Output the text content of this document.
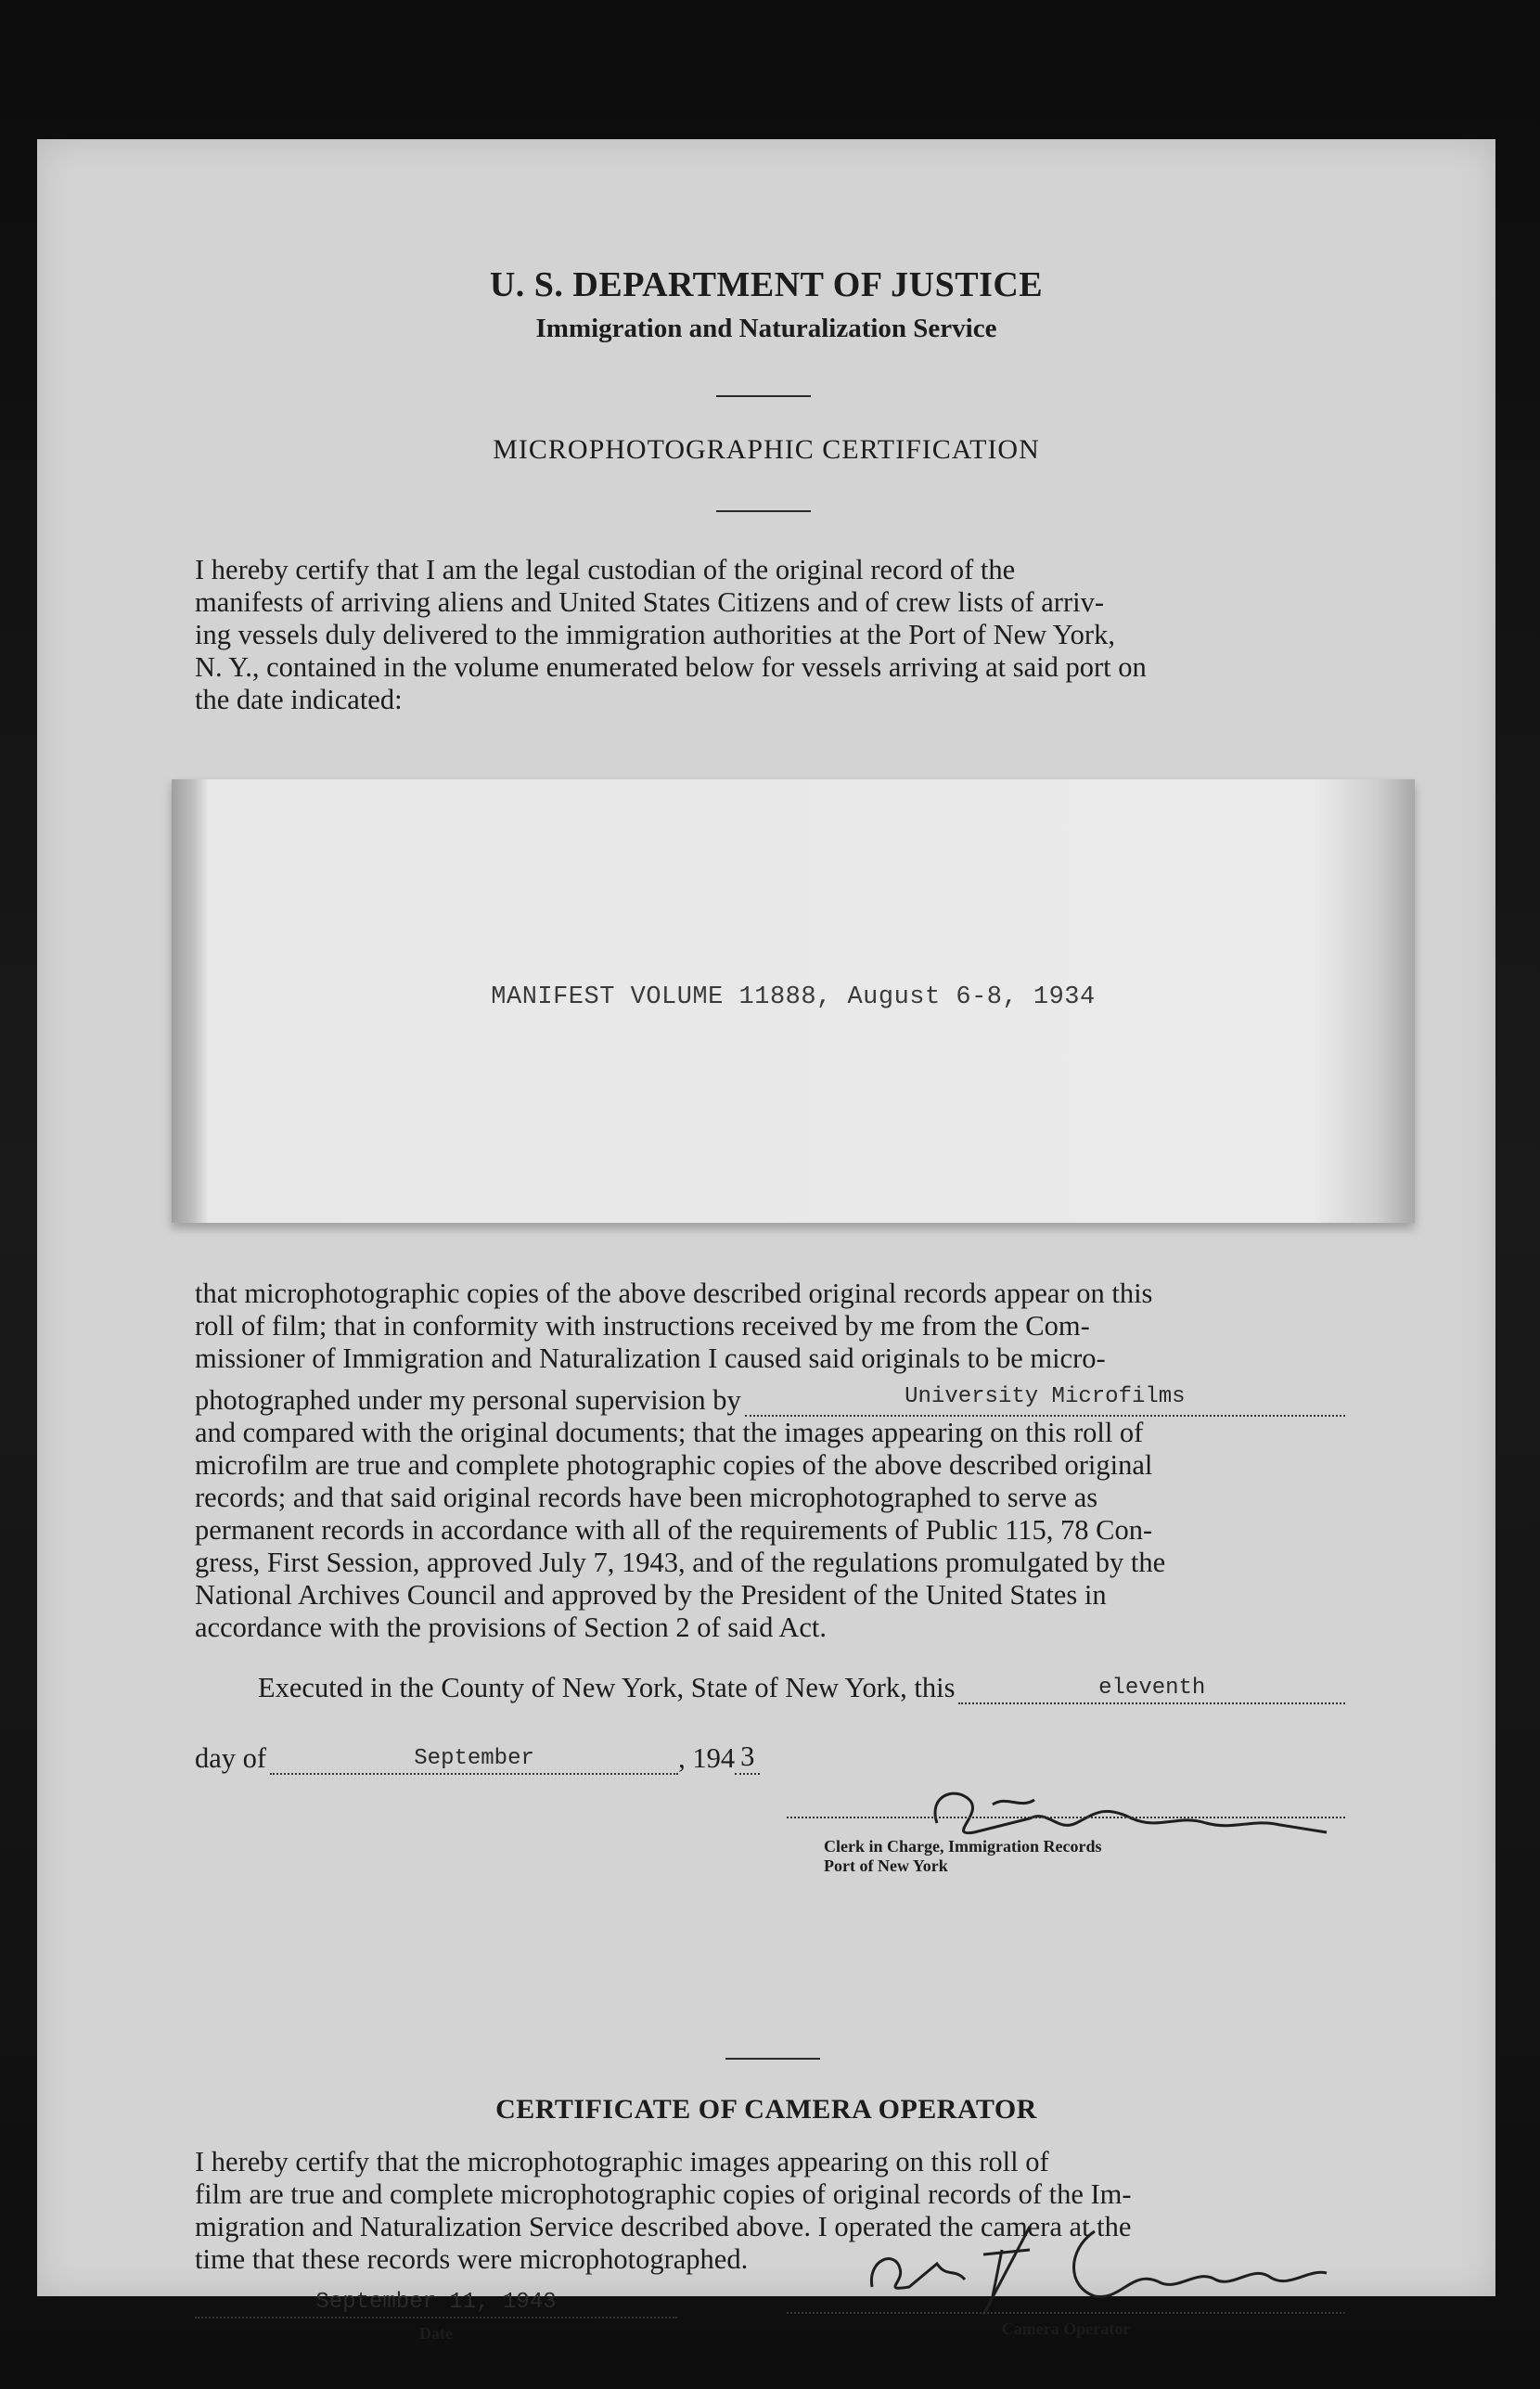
U. S. DEPARTMENT OF JUSTICE
Immigration and Naturalization Service
MICROPHOTOGRAPHIC CERTIFICATION
I hereby certify that I am the legal custodian of the original record of the
manifests of arriving aliens and United States Citizens and of crew lists of arriv-
ing vessels duly delivered to the immigration authorities at the Port of New York,
N. Y., contained in the volume enumerated below for vessels arriving at said port on
the date indicated:
MANIFEST VOLUME 11888, August 6-8, 1934
that microphotographic copies of the above described original records appear on this
roll of film; that in conformity with instructions received by me from the Com-
missioner of Immigration and Naturalization I caused said originals to be micro-
photographed under my personal supervision by	University Microfilms
and compared with the original documents; that the images appearing on this roll of
microfilm are true and complete photographic copies of the above described original
records; and that said original records have been microphotographed to serve as
permanent records in accordance with all of the requirements of Public 115, 78 Con-
gress, First Session, approved July 7, 1943, and of the regulations promulgated by the
National Archives Council and approved by the President of the United States in
accordance with the provisions of Section 2 of said Act.
Executed in the County of New York, State of New York, this	eleventh
day of	September	, 194 3
Clerk in Charge, Immigration Records
Port of New York
CERTIFICATE OF CAMERA OPERATOR
I hereby certify that the microphotographic images appearing on this roll of
film are true and complete microphotographic copies of original records of the Im-
migration and Naturalization Service described above. I operated the camera at the
time that these records were microphotographed.
September 11, 1943
Date	Camera Operator
